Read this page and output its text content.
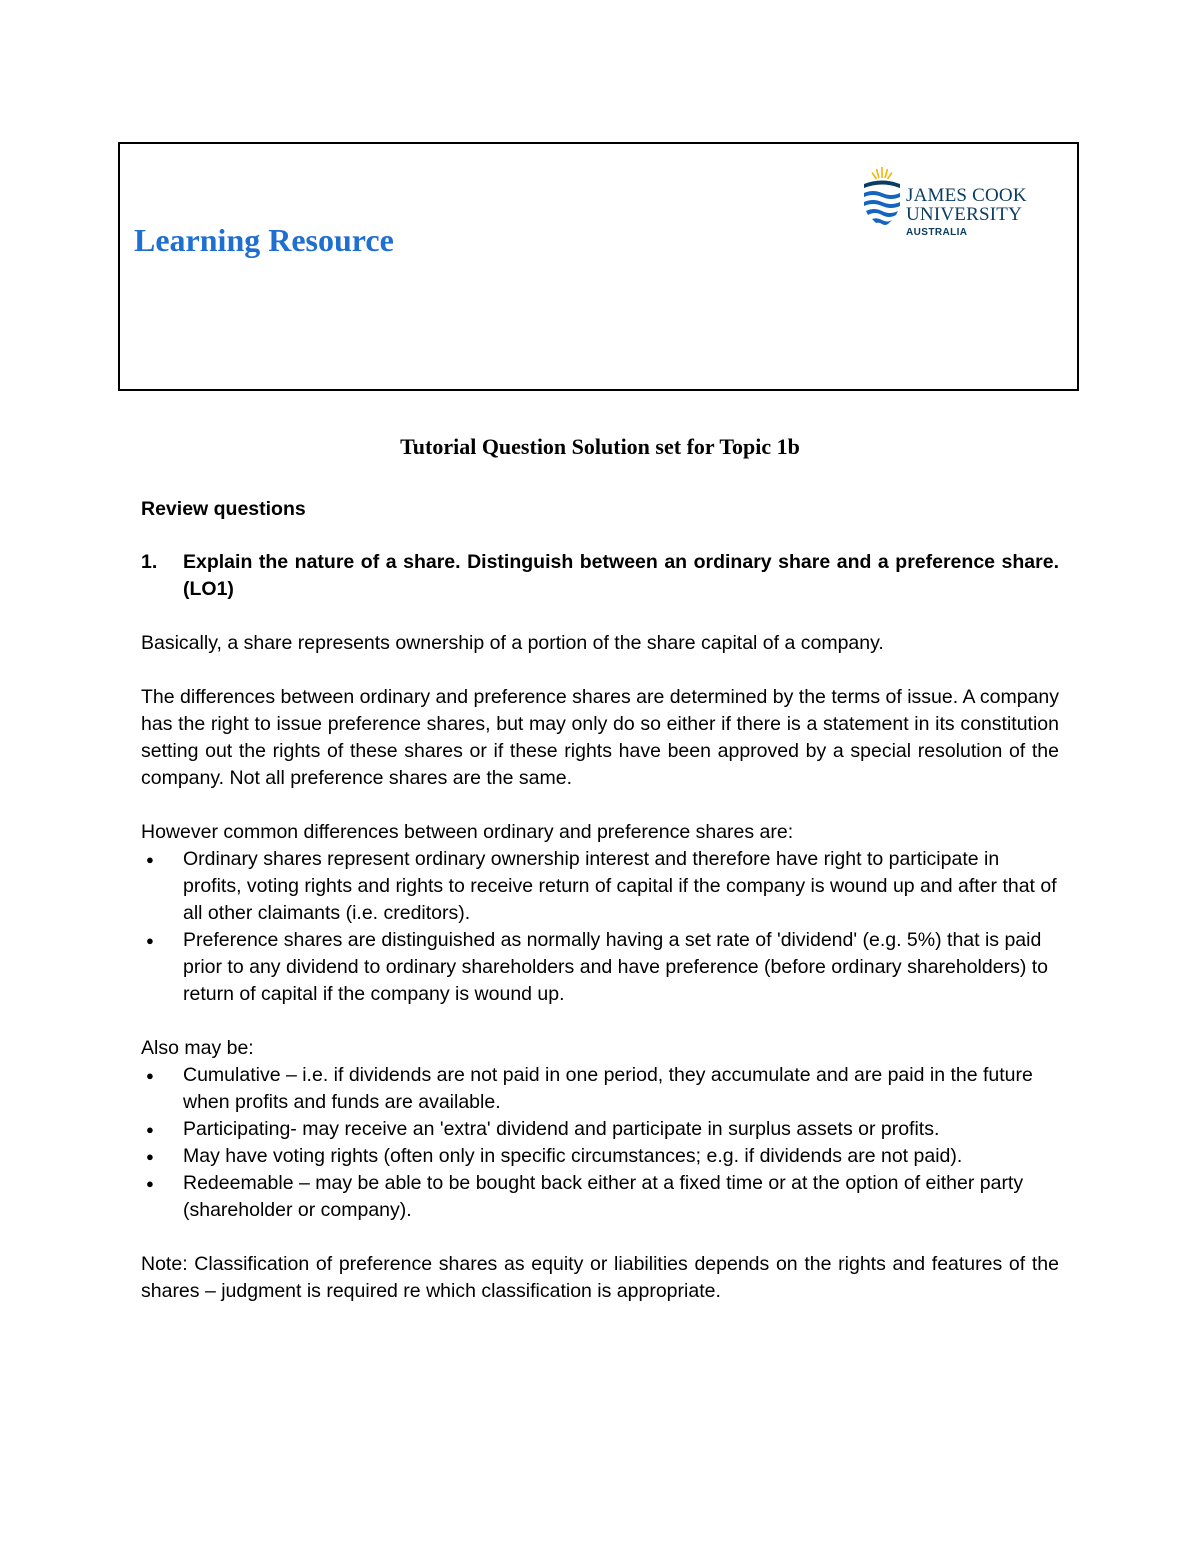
Learning Resource
JAMES COOK
UNIVERSITY
AUSTRALIA
Tutorial Question Solution set for Topic 1b

Review questions

1.	Explain the nature of a share. Distinguish between an ordinary share and a preference share. (LO1)

Basically, a share represents ownership of a portion of the share capital of a company.

The differences between ordinary and preference shares are determined by the terms of issue. A company has the right to issue preference shares, but may only do so either if there is a statement in its constitution setting out the rights of these shares or if these rights have been approved by a special resolution of the company. Not all preference shares are the same.

However common differences between ordinary and preference shares are:

● Ordinary shares represent ordinary ownership interest and therefore have right to participate in profits, voting rights and rights to receive return of capital if the company is wound up and after that of all other claimants (i.e. creditors).
● Preference shares are distinguished as normally having a set rate of 'dividend' (e.g. 5%) that is paid prior to any dividend to ordinary shareholders and have preference (before ordinary shareholders) to return of capital if the company is wound up.

Also may be:

● Cumulative – i.e. if dividends are not paid in one period, they accumulate and are paid in the future when profits and funds are available.
● Participating- may receive an 'extra' dividend and participate in surplus assets or profits.
● May have voting rights (often only in specific circumstances; e.g. if dividends are not paid).
● Redeemable – may be able to be bought back either at a fixed time or at the option of either party (shareholder or company).

Note: Classification of preference shares as equity or liabilities depends on the rights and features of the shares – judgment is required re which classification is appropriate.
